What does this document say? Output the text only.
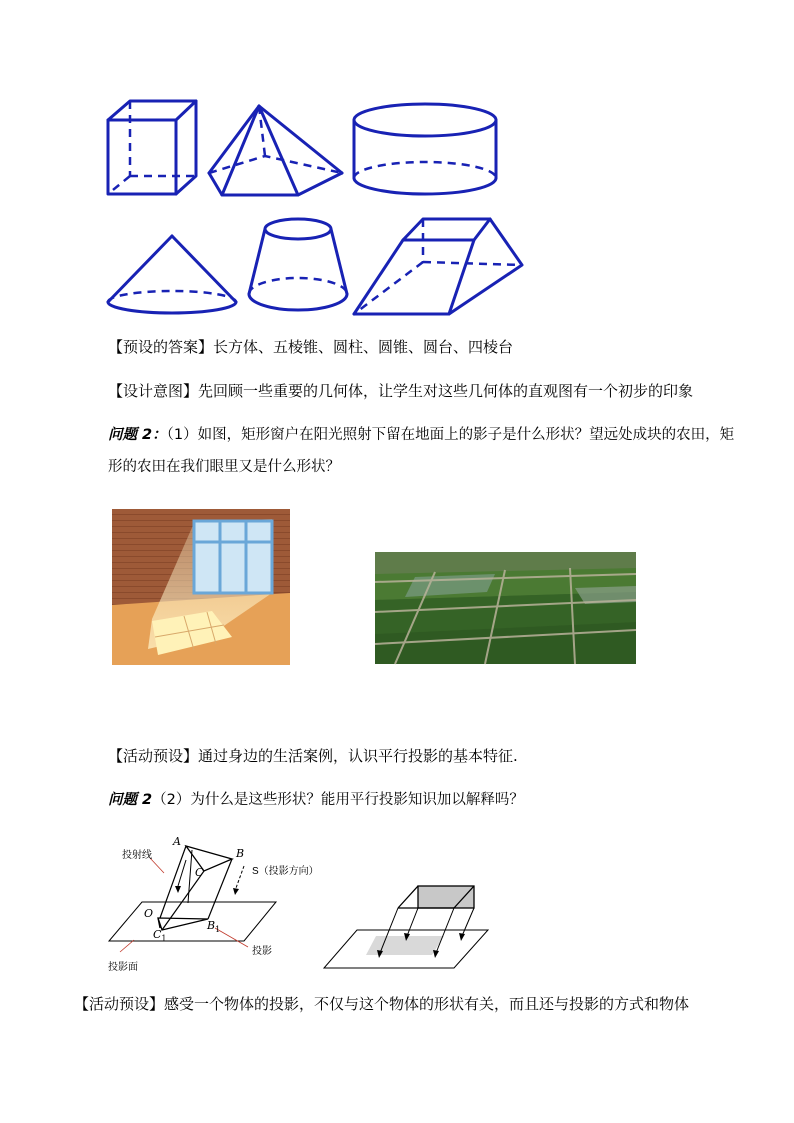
【预设的答案】长方体、五棱锥、圆柱、圆锥、圆台、四棱台
【设计意图】先回顾一些重要的几何体，让学生对这些几何体的直观图有一个初步的印象
问题 2：（1）如图，矩形窗户在阳光照射下留在地面上的影子是什么形状？望远处成块的农田，矩
形的农田在我们眼里又是什么形状？
【活动预设】通过身边的生活案例，认识平行投影的基本特征.
问题 2（2）为什么是这些形状？能用平行投影知识加以解释吗？
投射线
S（投影方向）
投影
投影面
A
B
C
O
$C_1$
$B_1$
【活动预设】感受一个物体的投影，不仅与这个物体的形状有关，而且还与投影的方式和物体
